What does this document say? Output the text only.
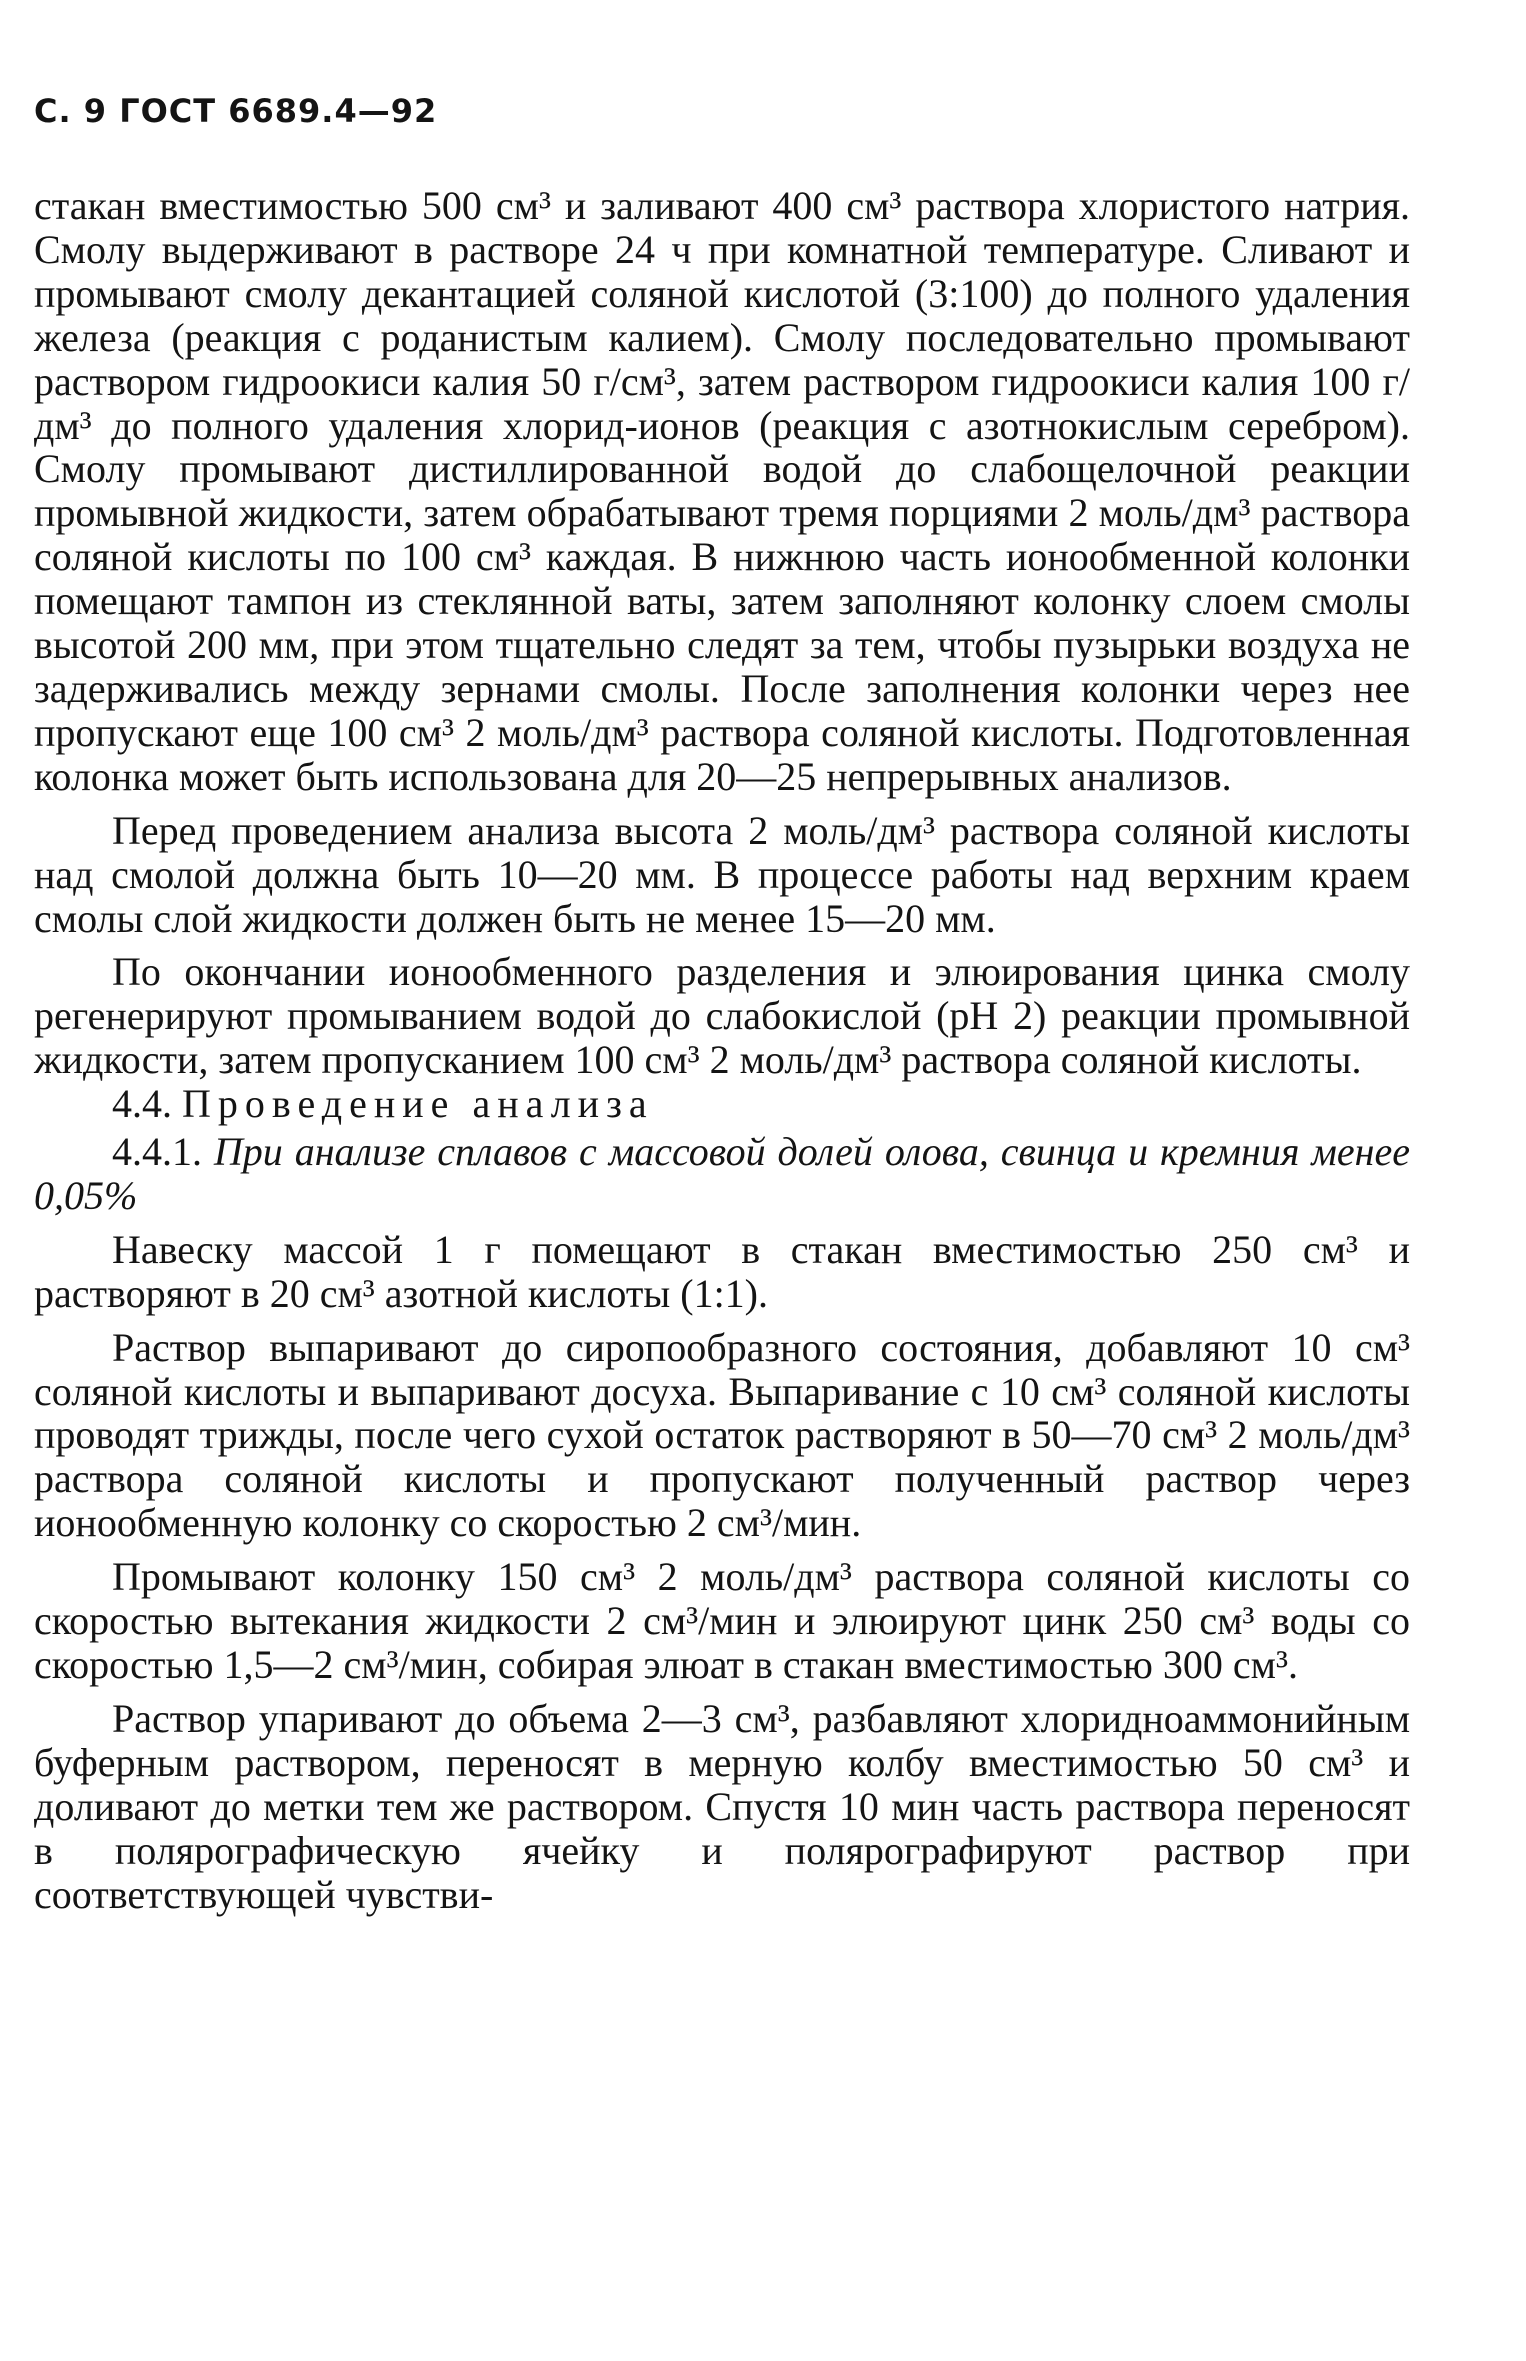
С. 9 ГОСТ 6689.4—92

стакан вместимостью 500 см³ и заливают 400 см³ раствора хлористого натрия. Смолу выдерживают в растворе 24 ч при комнатной температуре. Сливают и промывают смолу декантацией соляной кислотой (3:100) до полного удаления железа (реакция с роданистым калием). Смолу последовательно промывают раствором гидроокиси калия 50 г/см³, затем раствором гидроокиси калия 100 г/дм³ до полного удаления хлорид-ионов (реакция с азотнокислым серебром). Смолу промывают дистиллированной водой до слабощелочной реакции промывной жидкости, затем обрабатывают тремя порциями 2 моль/дм³ раствора соляной кислоты по 100 см³ каждая. В нижнюю часть ионообменной колонки помещают тампон из стеклянной ваты, затем заполняют колонку слоем смолы высотой 200 мм, при этом тщательно следят за тем, чтобы пузырьки воздуха не задерживались между зернами смолы. После заполнения колонки через нее пропускают еще 100 см³ 2 моль/дм³ раствора соляной кислоты. Подготовленная колонка может быть использована для 20—25 непрерывных анализов.

Перед проведением анализа высота 2 моль/дм³ раствора соляной кислоты над смолой должна быть 10—20 мм. В процессе работы над верхним краем смолы слой жидкости должен быть не менее 15—20 мм.

По окончании ионообменного разделения и элюирования цинка смолу регенерируют промыванием водой до слабокислой (pH 2) реакции промывной жидкости, затем пропусканием 100 см³ 2 моль/дм³ раствора соляной кислоты.

4.4. Проведение анализа

4.4.1. При анализе сплавов с массовой долей олова, свинца и кремния менее 0,05%

Навеску массой 1 г помещают в стакан вместимостью 250 см³ и растворяют в 20 см³ азотной кислоты (1:1).

Раствор выпаривают до сиропообразного состояния, добавляют 10 см³ соляной кислоты и выпаривают досуха. Выпаривание с 10 см³ соляной кислоты проводят трижды, после чего сухой остаток растворяют в 50—70 см³ 2 моль/дм³ раствора соляной кислоты и пропускают полученный раствор через ионообменную колонку со скоростью 2 см³/мин.

Промывают колонку 150 см³ 2 моль/дм³ раствора соляной кислоты со скоростью вытекания жидкости 2 см³/мин и элюируют цинк 250 см³ воды со скоростью 1,5—2 см³/мин, собирая элюат в стакан вместимостью 300 см³.

Раствор упаривают до объема 2—3 см³, разбавляют хлоридноаммонийным буферным раствором, переносят в мерную колбу вместимостью 50 см³ и доливают до метки тем же раствором. Спустя 10 мин часть раствора переносят в полярографическую ячейку и полярографируют раствор при соответствующей чувстви-
